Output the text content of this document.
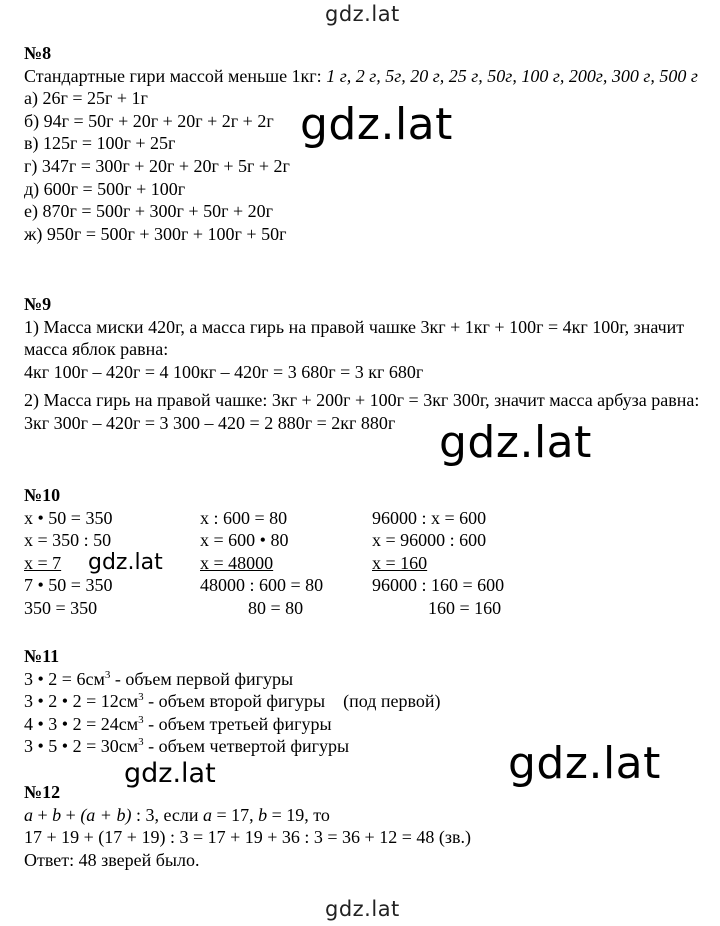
gdz.lat
№8
Стандартные гири массой меньше 1кг: 1 г, 2 г, 5г, 20 г, 25 г, 50г, 100 г, 200г, 300 г, 500 г
а) 26г = 25г + 1г
б) 94г = 50г + 20г + 20г + 2г + 2г
в) 125г = 100г + 25г
г) 347г = 300г + 20г + 20г + 5г + 2г
д) 600г = 500г + 100г
е) 870г = 500г + 300г + 50г + 20г
ж) 950г = 500г + 300г + 100г + 50г
gdz.lat
№9
1) Масса миски 420г, а масса гирь на правой чашке 3кг + 1кг + 100г = 4кг 100г, значит масса яблок равна:
4кг 100г – 420г = 4 100кг – 420г = 3 680г = 3 кг 680г
2) Масса гирь на правой чашке: 3кг + 200г + 100г = 3кг 300г, значит масса арбуза равна:
3кг 300г – 420г = 3 300 – 420 = 2 880г = 2кг 880г gdz.lat
№10
x • 50 = 350	x : 600 = 80	96000 : x = 600
x = 350 : 50	x = 600 • 80	x = 96000 : 600
x = 7	x = 48000	x = 160
7 • 50 = 350	48000 : 600 = 80	96000 : 160 = 600
350 = 350	80 = 80	160 = 160
gdz.lat
№11
3 • $2 = 6см^3$ - объем первой фигуры
3 • 2 • $2 = 12см^3$ - объем второй фигуры    (под первой)
4 • 3 • $2 = 24см^3$ - объем третьей фигуры
3 • 5 • $2 = 30см^3$ - объем четвертой фигуры
gdz.lat	gdz.lat
№12
a + b + (a + b) : 3, если a = 17, b = 19, то
17 + 19 + (17 + 19) : 3 = 17 + 19 + 36 : 3 = 36 + 12 = 48 (зв.)
Ответ: 48 зверей было.
gdz.lat
